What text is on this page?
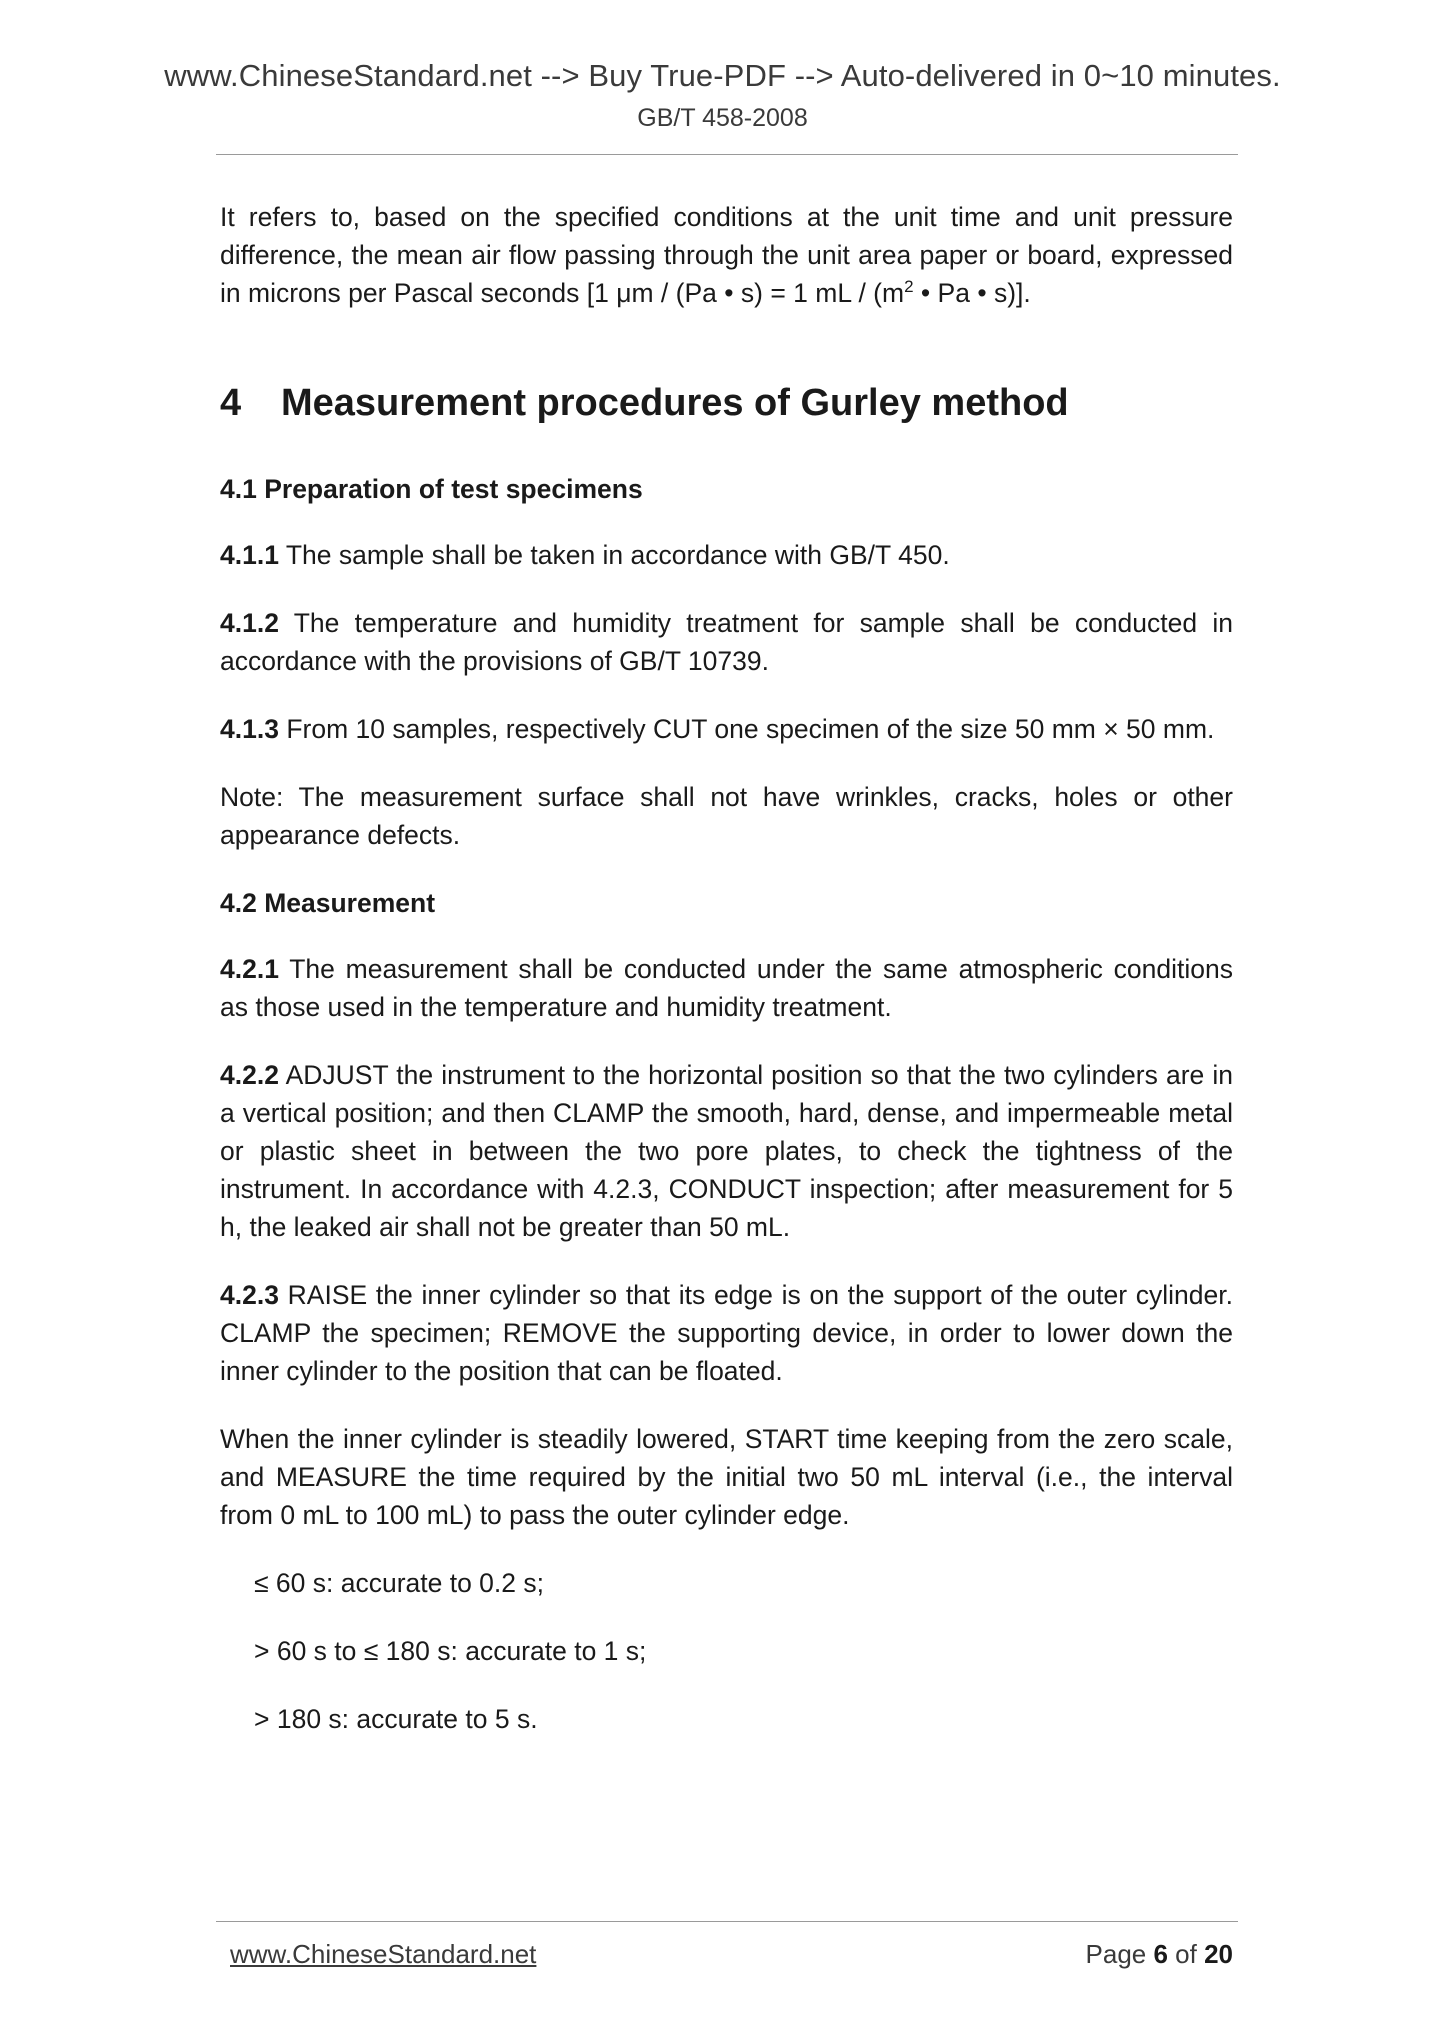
www.ChineseStandard.net --> Buy True-PDF --> Auto-delivered in 0~10 minutes.
GB/T 458-2008

It refers to, based on the specified conditions at the unit time and unit pressure difference, the mean air flow passing through the unit area paper or board, expressed in microns per Pascal seconds [1 μm / (Pa • s) = 1 mL / ($m^2$ • Pa • s)].

4 Measurement procedures of Gurley method
4.1 Preparation of test specimens

4.1.1 The sample shall be taken in accordance with GB/T 450.

4.1.2 The temperature and humidity treatment for sample shall be conducted in accordance with the provisions of GB/T 10739.

4.1.3 From 10 samples, respectively CUT one specimen of the size 50 mm × 50 mm.

Note: The measurement surface shall not have wrinkles, cracks, holes or other appearance defects.

4.2 Measurement

4.2.1 The measurement shall be conducted under the same atmospheric conditions as those used in the temperature and humidity treatment.

4.2.2 ADJUST the instrument to the horizontal position so that the two cylinders are in a vertical position; and then CLAMP the smooth, hard, dense, and impermeable metal or plastic sheet in between the two pore plates, to check the tightness of the instrument. In accordance with 4.2.3, CONDUCT inspection; after measurement for 5 h, the leaked air shall not be greater than 50 mL.

4.2.3 RAISE the inner cylinder so that its edge is on the support of the outer cylinder. CLAMP the specimen; REMOVE the supporting device, in order to lower down the inner cylinder to the position that can be floated.

When the inner cylinder is steadily lowered, START time keeping from the zero scale, and MEASURE the time required by the initial two 50 mL interval (i.e., the interval from 0 mL to 100 mL) to pass the outer cylinder edge.

≤ 60 s: accurate to 0.2 s;
> 60 s to ≤ 180 s: accurate to 1 s;
> 180 s: accurate to 5 s.
www.ChineseStandard.net	Page 6 of 20
